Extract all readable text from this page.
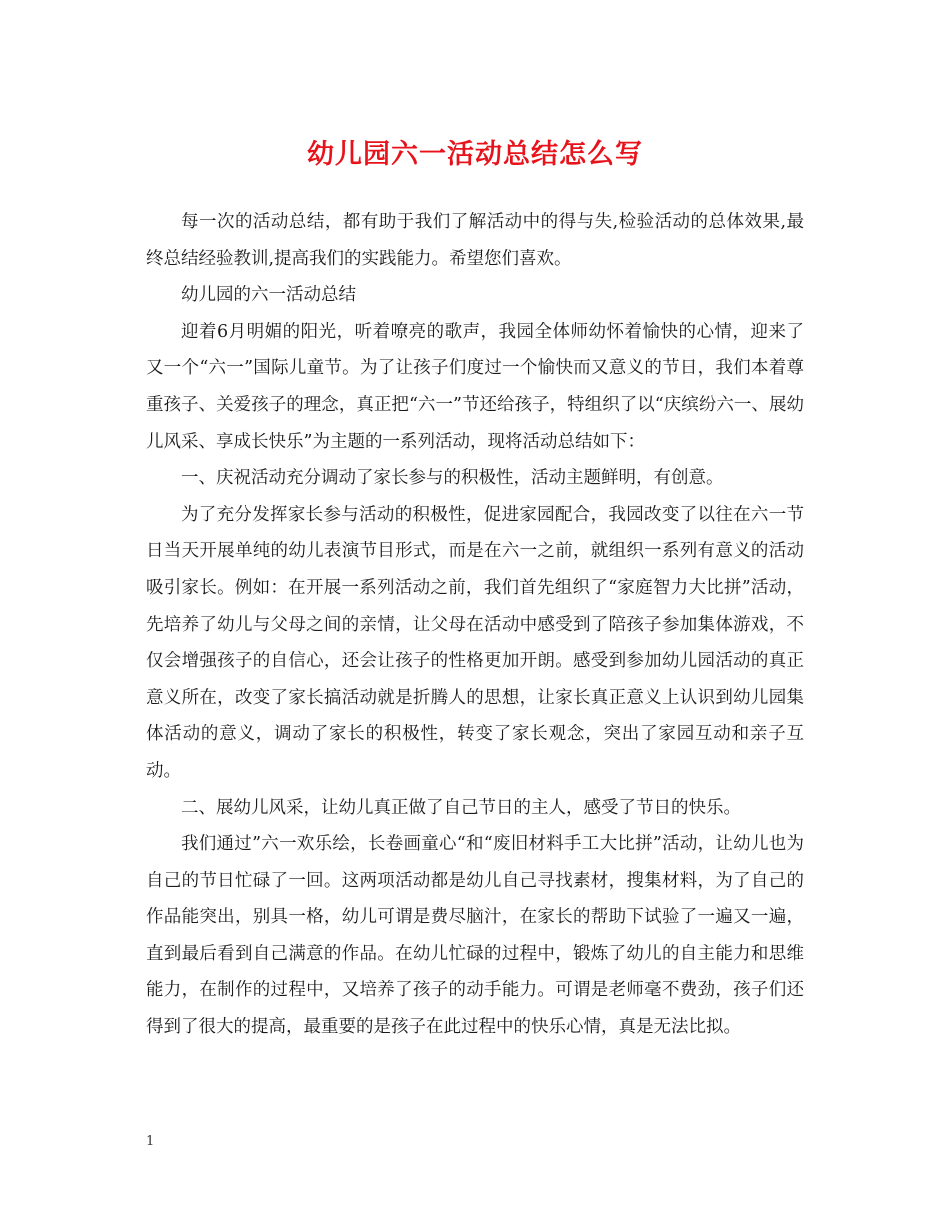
幼儿园六一活动总结怎么写

每一次的活动总结，都有助于我们了解活动中的得与失,检验活动的总体效果,最终总结经验教训,提高我们的实践能力。希望您们喜欢。

幼儿园的六一活动总结

迎着6月明媚的阳光，听着嘹亮的歌声，我园全体师幼怀着愉快的心情，迎来了又一个“六一”国际儿童节。为了让孩子们度过一个愉快而又意义的节日，我们本着尊重孩子、关爱孩子的理念，真正把“六一”节还给孩子，特组织了以“庆缤纷六一、展幼儿风采、享成长快乐”为主题的一系列活动，现将活动总结如下：

一、庆祝活动充分调动了家长参与的积极性，活动主题鲜明，有创意。

为了充分发挥家长参与活动的积极性，促进家园配合，我园改变了以往在六一节日当天开展单纯的幼儿表演节目形式，而是在六一之前，就组织一系列有意义的活动吸引家长。例如：在开展一系列活动之前，我们首先组织了“家庭智力大比拼”活动，先培养了幼儿与父母之间的亲情，让父母在活动中感受到了陪孩子参加集体游戏，不仅会增强孩子的自信心，还会让孩子的性格更加开朗。感受到参加幼儿园活动的真正意义所在，改变了家长搞活动就是折腾人的思想，让家长真正意义上认识到幼儿园集体活动的意义，调动了家长的积极性，转变了家长观念，突出了家园互动和亲子互动。

二、展幼儿风采，让幼儿真正做了自己节日的主人，感受了节日的快乐。

我们通过”六一欢乐绘，长卷画童心“和“废旧材料手工大比拼”活动，让幼儿也为自己的节日忙碌了一回。这两项活动都是幼儿自己寻找素材，搜集材料，为了自己的作品能突出，别具一格，幼儿可谓是费尽脑汁，在家长的帮助下试验了一遍又一遍，直到最后看到自己满意的作品。在幼儿忙碌的过程中，锻炼了幼儿的自主能力和思维能力，在制作的过程中，又培养了孩子的动手能力。可谓是老师毫不费劲，孩子们还得到了很大的提高，最重要的是孩子在此过程中的快乐心情，真是无法比拟。

1
